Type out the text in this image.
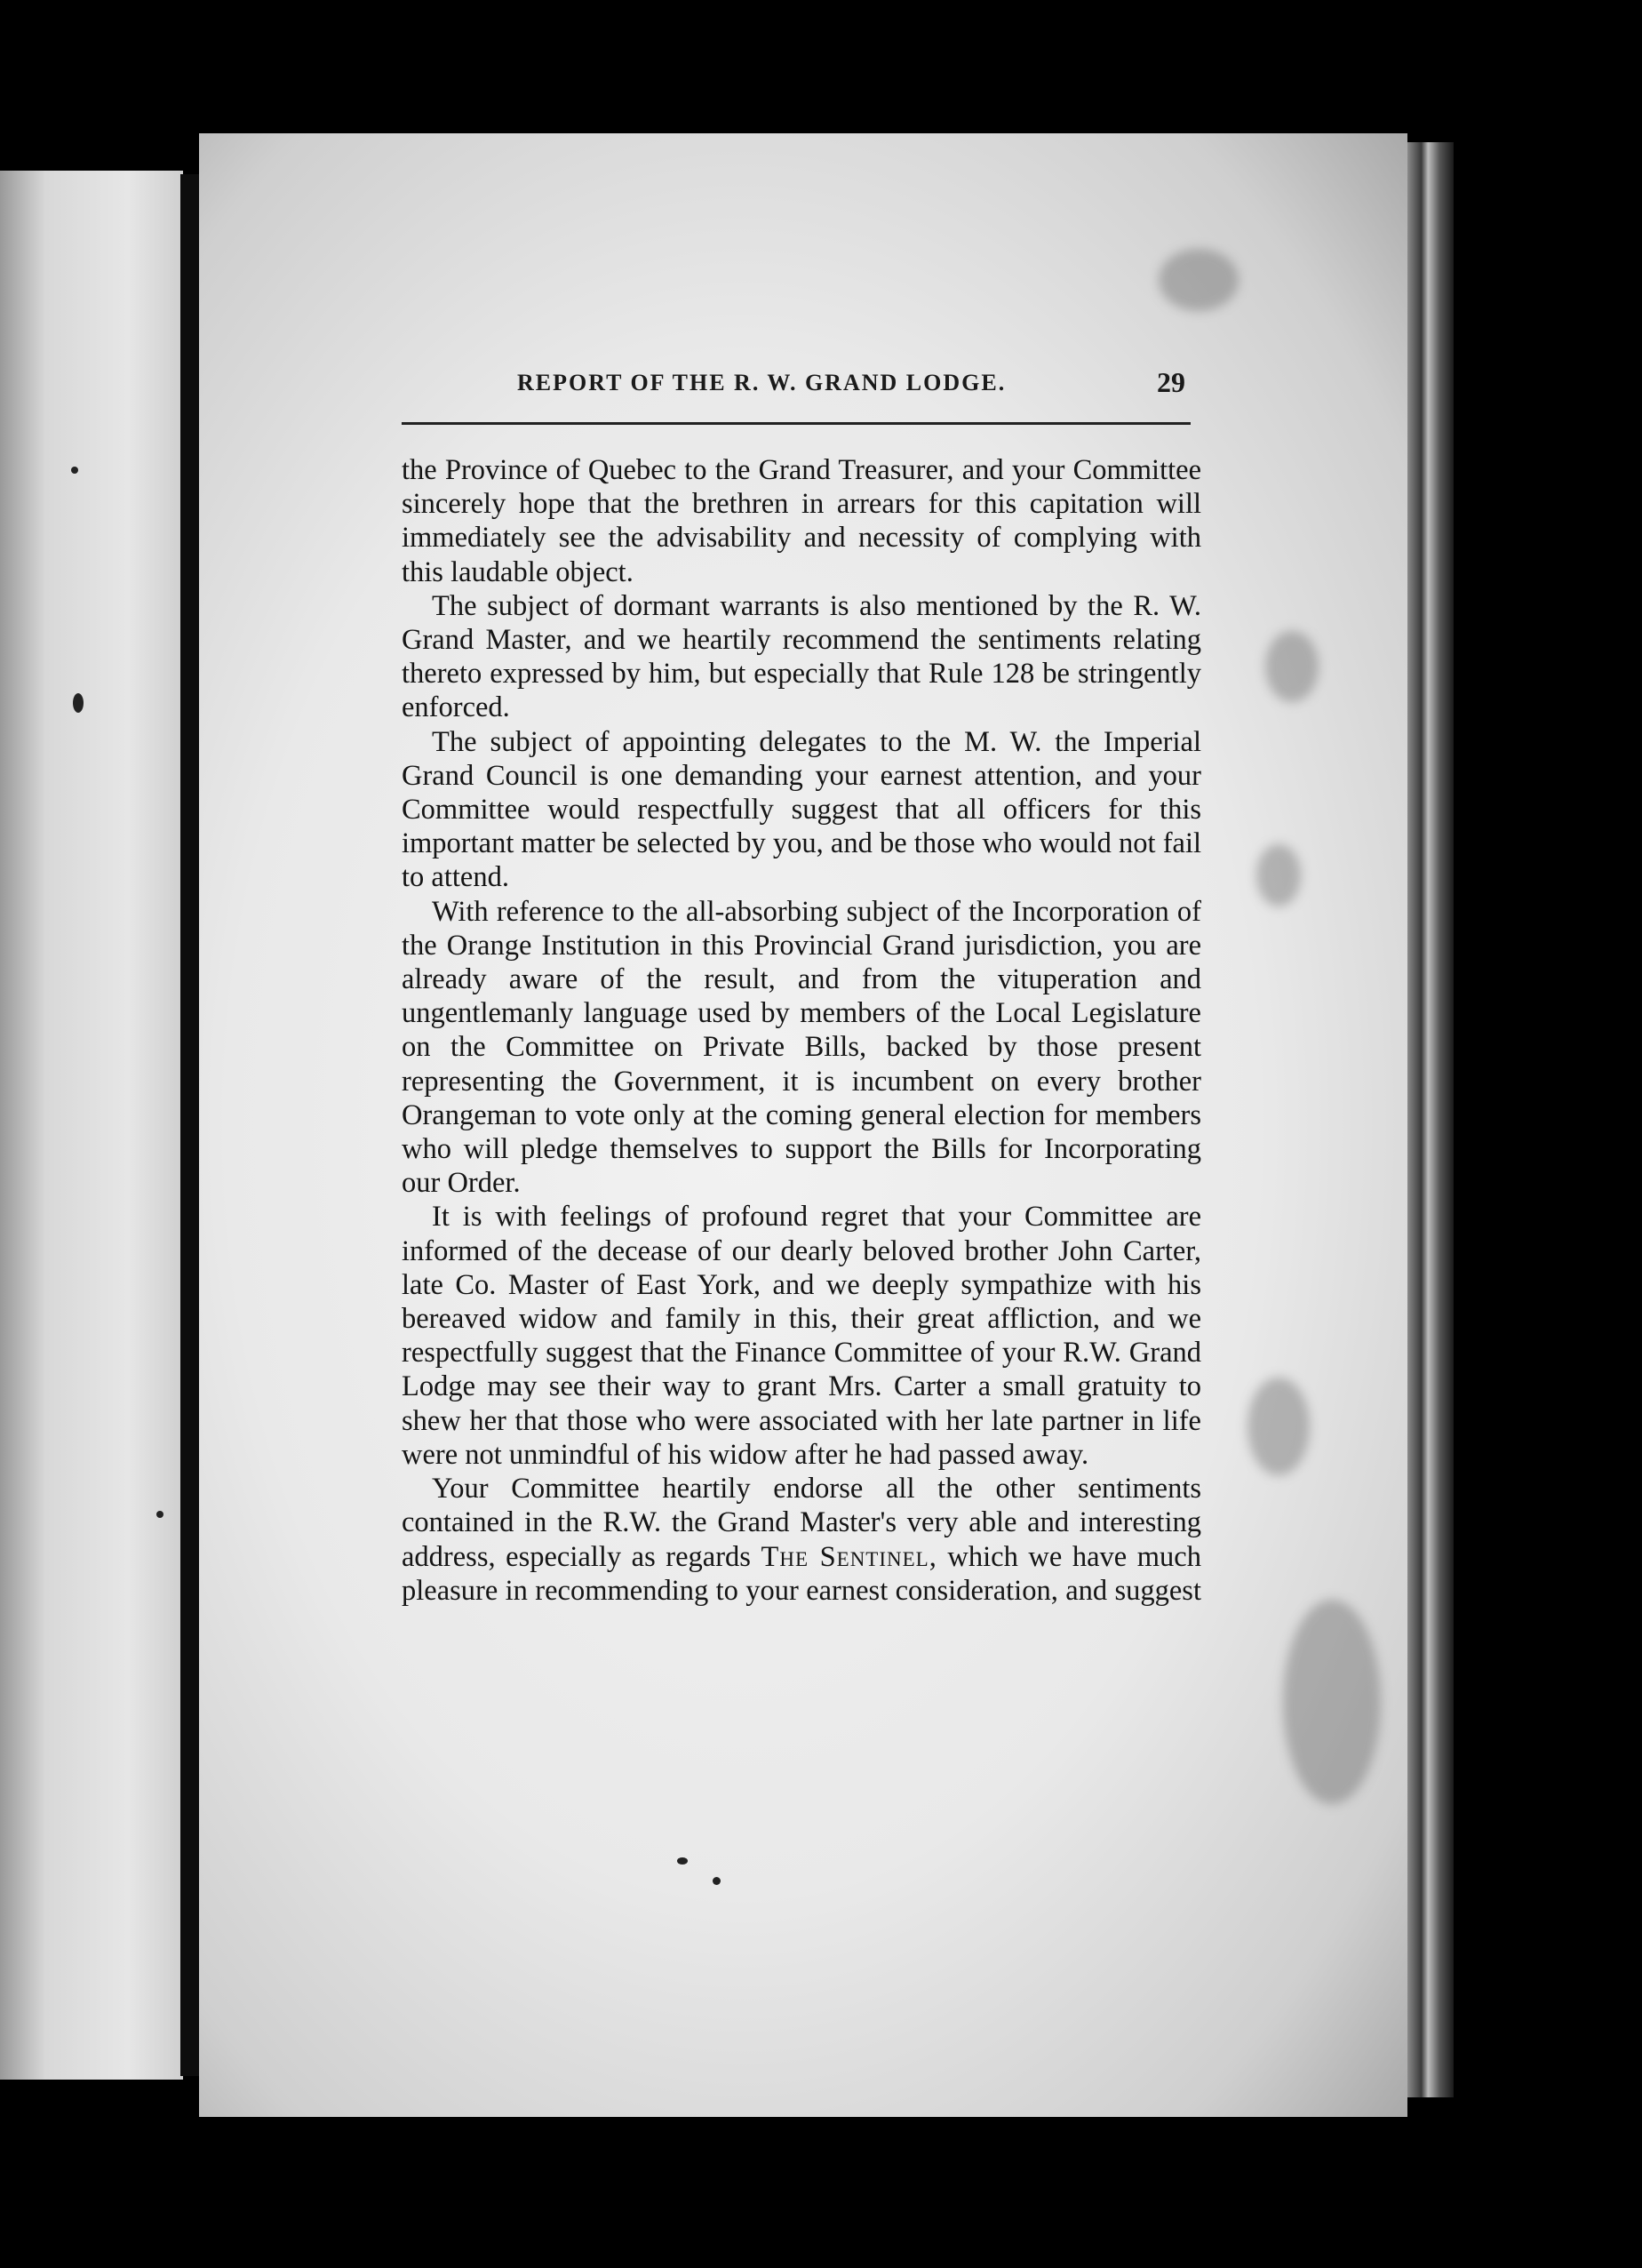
REPORT OF THE R. W. GRAND LODGE.	29

the Province of Quebec to the Grand Treasurer, and your Committee sincerely hope that the brethren in arrears for this capitation will immediately see the advisability and necessity of complying with this laudable object.

The subject of dormant warrants is also mentioned by the R. W. Grand Master, and we heartily recommend the sentiments relating thereto expressed by him, but especially that Rule 128 be stringently enforced.

The subject of appointing delegates to the M. W. the Imperial Grand Council is one demanding your earnest attention, and your Committee would respectfully suggest that all officers for this important matter be selected by you, and be those who would not fail to attend.

With reference to the all-absorbing subject of the Incorporation of the Orange Institution in this Provincial Grand jurisdiction, you are already aware of the result, and from the vituperation and ungentlemanly language used by members of the Local Legislature on the Committee on Private Bills, backed by those present representing the Government, it is incumbent on every brother Orangeman to vote only at the coming general election for members who will pledge themselves to support the Bills for Incorporating our Order.

It is with feelings of profound regret that your Committee are informed of the decease of our dearly beloved brother John Carter, late Co. Master of East York, and we deeply sympathize with his bereaved widow and family in this, their great affliction, and we respectfully suggest that the Finance Committee of your R.W. Grand Lodge may see their way to grant Mrs. Carter a small gratuity to shew her that those who were associated with her late partner in life were not unmindful of his widow after he had passed away.

Your Committee heartily endorse all the other sentiments contained in the R.W. the Grand Master's very able and interesting address, especially as regards The Sentinel, which we have much pleasure in recommending to your earnest consideration, and suggest
